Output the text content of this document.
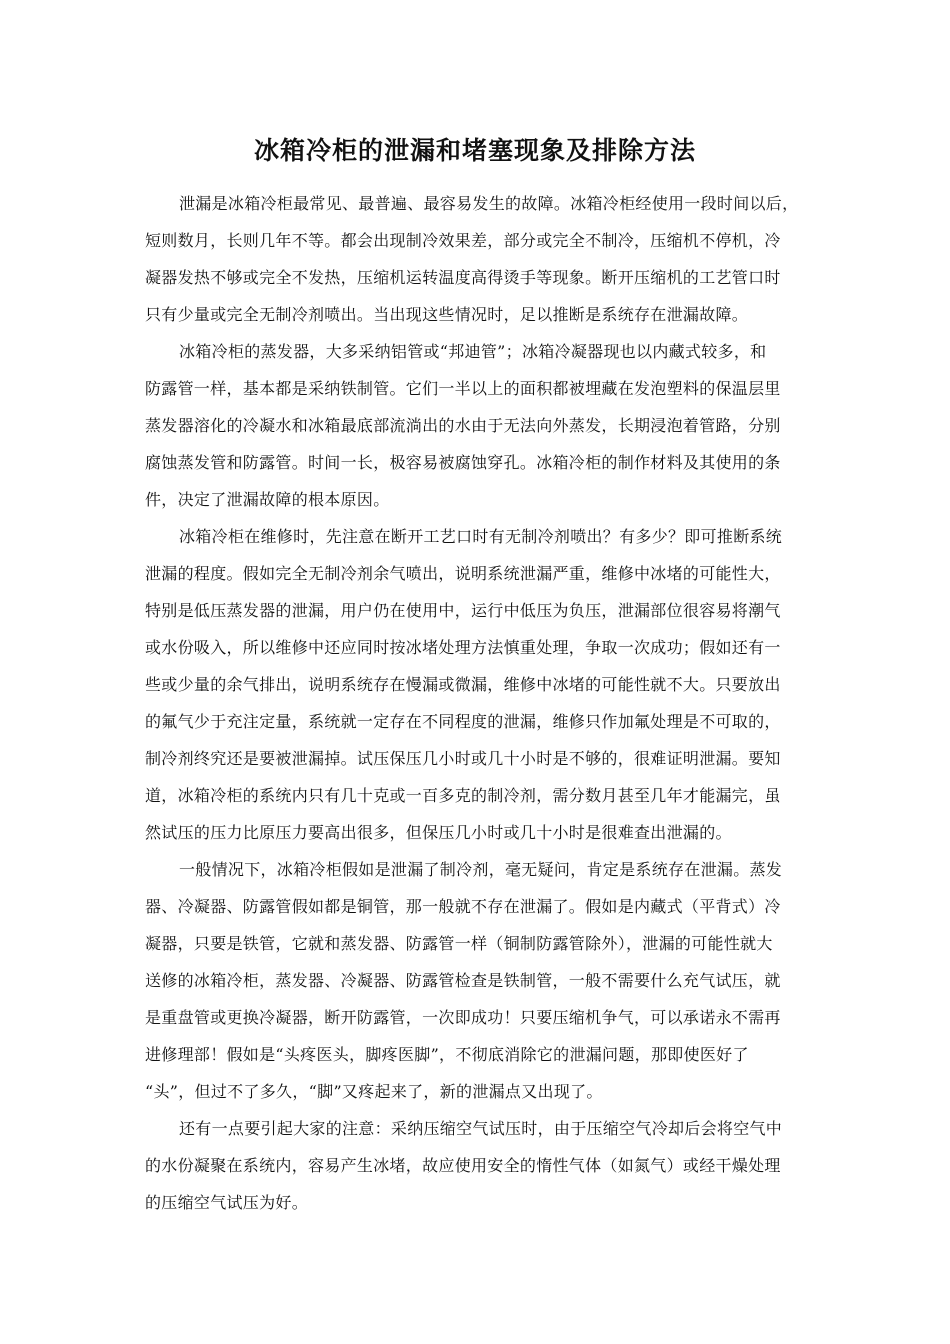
冰箱冷柜的泄漏和堵塞现象及排除方法
泄漏是冰箱冷柜最常见、最普遍、最容易发生的故障。冰箱冷柜经使用一段时间以后，
短则数月，长则几年不等。都会出现制冷效果差，部分或完全不制冷，压缩机不停机，冷
凝器发热不够或完全不发热，压缩机运转温度高得烫手等现象。断开压缩机的工艺管口时
只有少量或完全无制冷剂喷出。当出现这些情况时，足以推断是系统存在泄漏故障。
冰箱冷柜的蒸发器，大多采纳铝管或“邦迪管”；冰箱冷凝器现也以内藏式较多，和
防露管一样，基本都是采纳铁制管。它们一半以上的面积都被埋藏在发泡塑料的保温层里
蒸发器溶化的冷凝水和冰箱最底部流淌出的水由于无法向外蒸发，长期浸泡着管路，分别
腐蚀蒸发管和防露管。时间一长，极容易被腐蚀穿孔。冰箱冷柜的制作材料及其使用的条
件，决定了泄漏故障的根本原因。
冰箱冷柜在维修时，先注意在断开工艺口时有无制冷剂喷出？有多少？即可推断系统
泄漏的程度。假如完全无制冷剂余气喷出，说明系统泄漏严重，维修中冰堵的可能性大，
特别是低压蒸发器的泄漏，用户仍在使用中，运行中低压为负压，泄漏部位很容易将潮气
或水份吸入，所以维修中还应同时按冰堵处理方法慎重处理，争取一次成功；假如还有一
些或少量的余气排出，说明系统存在慢漏或微漏，维修中冰堵的可能性就不大。只要放出
的氟气少于充注定量，系统就一定存在不同程度的泄漏，维修只作加氟处理是不可取的，
制冷剂终究还是要被泄漏掉。试压保压几小时或几十小时是不够的，很难证明泄漏。要知
道，冰箱冷柜的系统内只有几十克或一百多克的制冷剂，需分数月甚至几年才能漏完，虽
然试压的压力比原压力要高出很多，但保压几小时或几十小时是很难查出泄漏的。
一般情况下，冰箱冷柜假如是泄漏了制冷剂，毫无疑问，肯定是系统存在泄漏。蒸发
器、冷凝器、防露管假如都是铜管，那一般就不存在泄漏了。假如是内藏式（平背式）冷
凝器，只要是铁管，它就和蒸发器、防露管一样（铜制防露管除外），泄漏的可能性就大
送修的冰箱冷柜，蒸发器、冷凝器、防露管检查是铁制管，一般不需要什么充气试压，就
是重盘管或更换冷凝器，断开防露管，一次即成功！只要压缩机争气，可以承诺永不需再
进修理部！假如是“头疼医头，脚疼医脚”，不彻底消除它的泄漏问题，那即使医好了
“头”，但过不了多久，“脚”又疼起来了，新的泄漏点又出现了。
还有一点要引起大家的注意：采纳压缩空气试压时，由于压缩空气冷却后会将空气中
的水份凝聚在系统内，容易产生冰堵，故应使用安全的惰性气体（如氮气）或经干燥处理
的压缩空气试压为好。
